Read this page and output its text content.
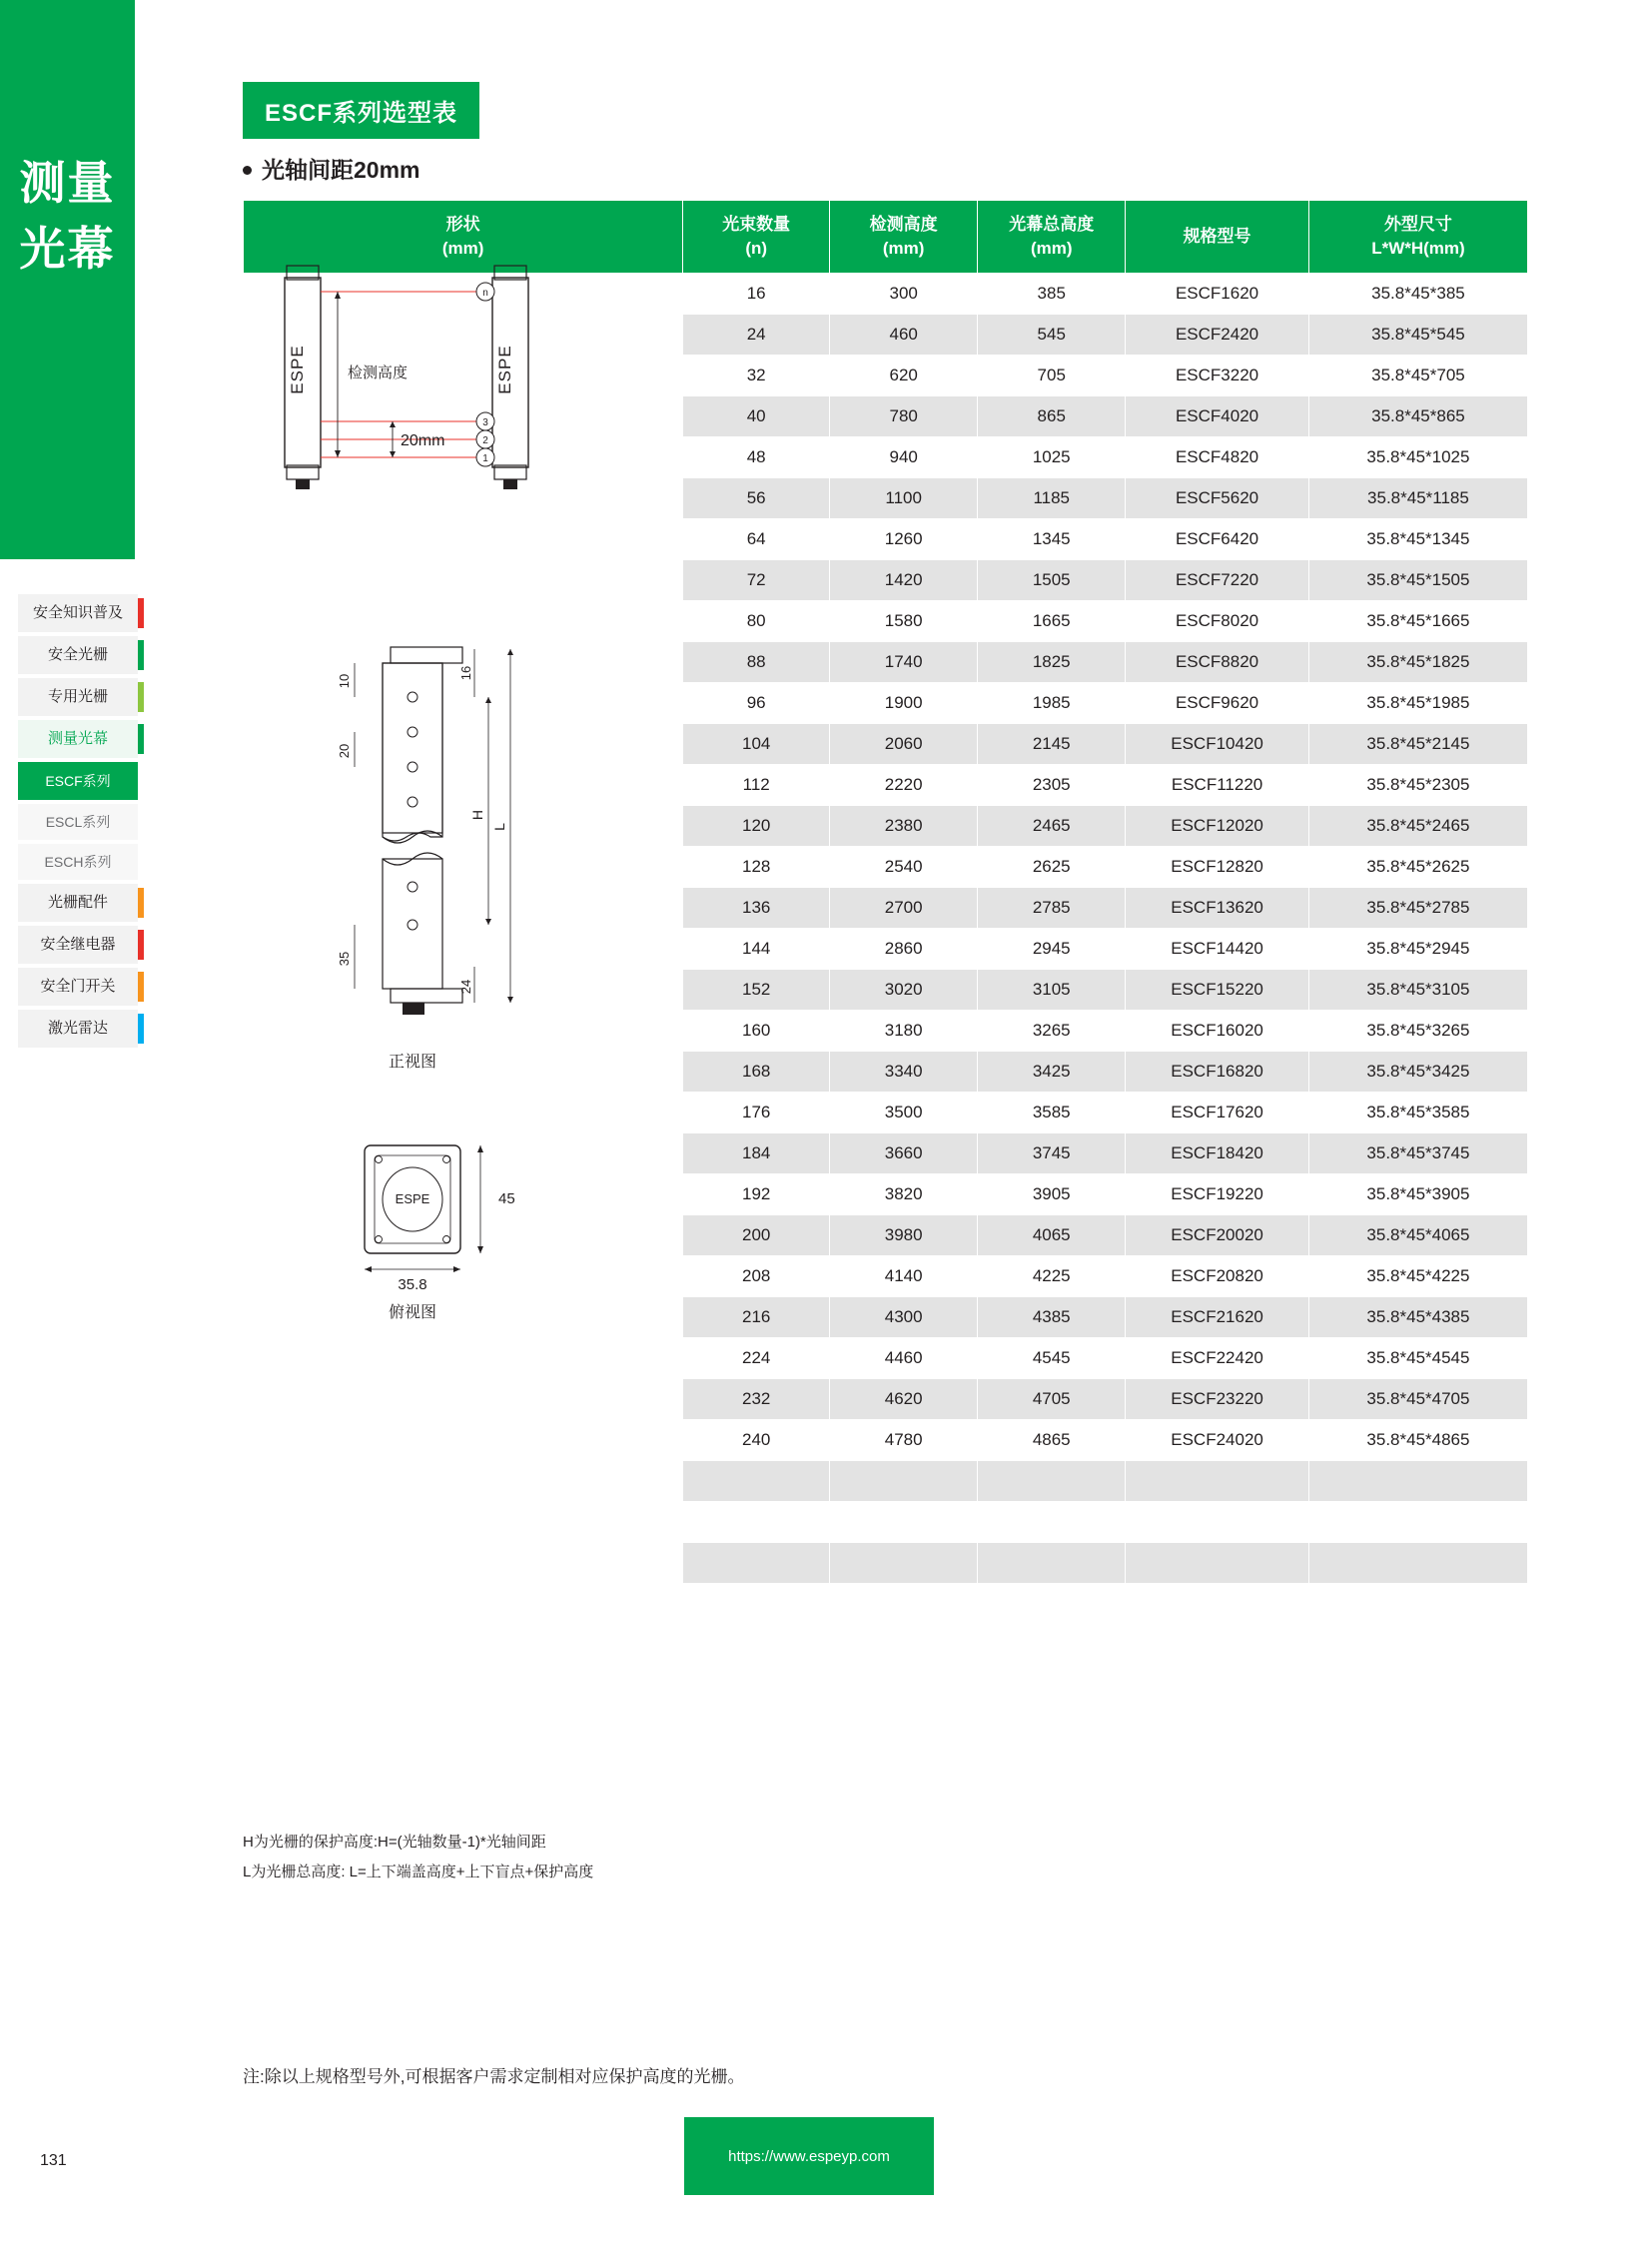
测量光幕
安全知识普及
安全光栅
专用光栅
测量光幕
ESCF系列
ESCL系列
ESCH系列
光栅配件
安全继电器
安全门开关
激光雷达
ESCF系列选型表
光轴间距20mm
形状
(mm)

光束数量
(n)

检测高度
(mm)

光幕总高度
(mm)

规格型号

外型尺寸
L*W*H(mm)

	16	300	385	ESCF1620	35.8*45*385
	24	460	545	ESCF2420	35.8*45*545
	32	620	705	ESCF3220	35.8*45*705
	40	780	865	ESCF4020	35.8*45*865
	48	940	1025	ESCF4820	35.8*45*1025
	56	1100	1185	ESCF5620	35.8*45*1185
	64	1260	1345	ESCF6420	35.8*45*1345
	72	1420	1505	ESCF7220	35.8*45*1505
	80	1580	1665	ESCF8020	35.8*45*1665
	88	1740	1825	ESCF8820	35.8*45*1825
	96	1900	1985	ESCF9620	35.8*45*1985
	104	2060	2145	ESCF10420	35.8*45*2145
	112	2220	2305	ESCF11220	35.8*45*2305
	120	2380	2465	ESCF12020	35.8*45*2465
	128	2540	2625	ESCF12820	35.8*45*2625
	136	2700	2785	ESCF13620	35.8*45*2785
	144	2860	2945	ESCF14420	35.8*45*2945
	152	3020	3105	ESCF15220	35.8*45*3105
	160	3180	3265	ESCF16020	35.8*45*3265
	168	3340	3425	ESCF16820	35.8*45*3425
	176	3500	3585	ESCF17620	35.8*45*3585
	184	3660	3745	ESCF18420	35.8*45*3745
	192	3820	3905	ESCF19220	35.8*45*3905
	200	3980	4065	ESCF20020	35.8*45*4065
	208	4140	4225	ESCF20820	35.8*45*4225
	216	4300	4385	ESCF21620	35.8*45*4385
	224	4460	4545	ESCF22420	35.8*45*4545
	232	4620	4705	ESCF23220	35.8*45*4705
	240	4780	4865	ESCF24020	35.8*45*4865

ESPE	ESPE
n
3
2
1
检测高度
20mm
16
H
L
24
10
20
35
正视图
ESPE
35.8
45
俯视图
H为光栅的保护高度:H=(光轴数量-1)*光轴间距
L为光栅总高度: L=上下端盖高度+上下盲点+保护高度
注:除以上规格型号外,可根据客户需求定制相对应保护高度的光栅。
131	https://www.espeyp.com
